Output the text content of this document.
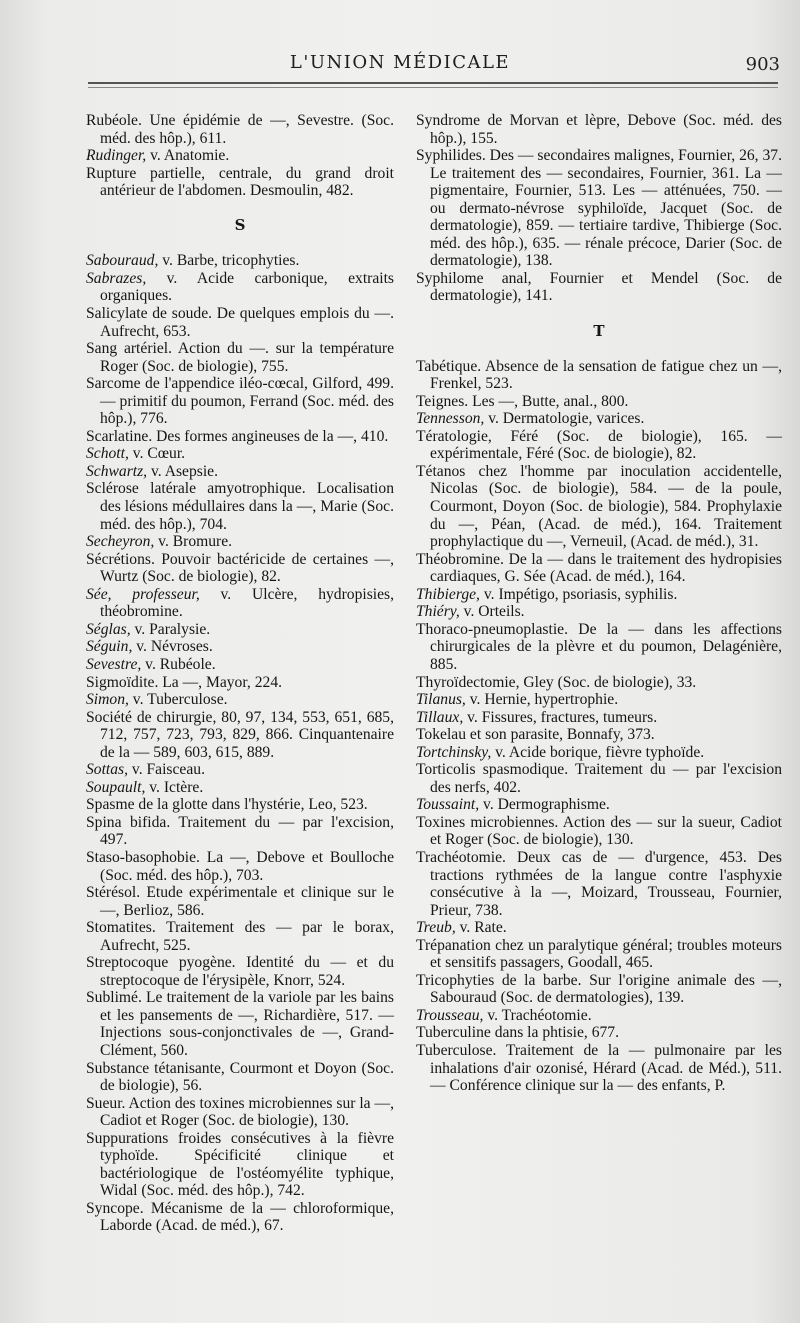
L'UNION MÉDICALE	903

Rubéole. Une épidémie de —, Sevestre. (Soc. méd. des hôp.), 611.

Rudinger, v. Anatomie.

Rupture partielle, centrale, du grand droit antérieur de l'abdomen. Desmoulin, 482.

S

Sabouraud, v. Barbe, tricophyties.

Sabrazes, v. Acide carbonique, extraits organiques.

Salicylate de soude. De quelques emplois du —. Aufrecht, 653.

Sang artériel. Action du —. sur la température Roger (Soc. de biologie), 755.

Sarcome de l'appendice iléo-cœcal, Gilford, 499. — primitif du poumon, Ferrand (Soc. méd. des hôp.), 776.

Scarlatine. Des formes angineuses de la —, 410.

Schott, v. Cœur.

Schwartz, v. Asepsie.

Sclérose latérale amyotrophique. Localisation des lésions médullaires dans la —, Marie (Soc. méd. des hôp.), 704.

Secheyron, v. Bromure.

Sécrétions. Pouvoir bactéricide de certaines —, Wurtz (Soc. de biologie), 82.

Sée, professeur, v. Ulcère, hydropisies, théobromine.

Séglas, v. Paralysie.

Séguin, v. Névroses.

Sevestre, v. Rubéole.

Sigmoïdite. La —, Mayor, 224.

Simon, v. Tuberculose.

Société de chirurgie, 80, 97, 134, 553, 651, 685, 712, 757, 723, 793, 829, 866. Cinquantenaire de la — 589, 603, 615, 889.

Sottas, v. Faisceau.

Soupault, v. Ictère.

Spasme de la glotte dans l'hystérie, Leo, 523.

Spina bifida. Traitement du — par l'excision, 497.

Staso-basophobie. La —, Debove et Boulloche (Soc. méd. des hôp.), 703.

Stérésol. Etude expérimentale et clinique sur le —, Berlioz, 586.

Stomatites. Traitement des — par le borax, Aufrecht, 525.

Streptocoque pyogène. Identité du — et du streptocoque de l'érysipèle, Knorr, 524.

Sublimé. Le traitement de la variole par les bains et les pansements de —, Richardière, 517. — Injections sous-conjonctivales de —, Grand-Clément, 560.

Substance tétanisante, Courmont et Doyon (Soc. de biologie), 56.

Sueur. Action des toxines microbiennes sur la —, Cadiot et Roger (Soc. de biologie), 130.

Suppurations froides consécutives à la fièvre typhoïde. Spécificité clinique et bactériologique de l'ostéomyélite typhique, Widal (Soc. méd. des hôp.), 742.

Syncope. Mécanisme de la — chloroformique, Laborde (Acad. de méd.), 67.

Syndrome de Morvan et lèpre, Debove (Soc. méd. des hôp.), 155.

Syphilides. Des — secondaires malignes, Fournier, 26, 37. Le traitement des — secondaires, Fournier, 361. La — pigmentaire, Fournier, 513. Les — atténuées, 750. — ou dermato-névrose syphiloïde, Jacquet (Soc. de dermatologie), 859. — tertiaire tardive, Thibierge (Soc. méd. des hôp.), 635. — rénale précoce, Darier (Soc. de dermatologie), 138.

Syphilome anal, Fournier et Mendel (Soc. de dermatologie), 141.

T

Tabétique. Absence de la sensation de fatigue chez un —, Frenkel, 523.

Teignes. Les —, Butte, anal., 800.

Tennesson, v. Dermatologie, varices.

Tératologie, Féré (Soc. de biologie), 165. — expérimentale, Féré (Soc. de biologie), 82.

Tétanos chez l'homme par inoculation accidentelle, Nicolas (Soc. de biologie), 584. — de la poule, Courmont, Doyon (Soc. de biologie), 584. Prophylaxie du —, Péan, (Acad. de méd.), 164. Traitement prophylactique du —, Verneuil, (Acad. de méd.), 31.

Théobromine. De la — dans le traitement des hydropisies cardiaques, G. Sée (Acad. de méd.), 164.

Thibierge, v. Impétigo, psoriasis, syphilis.

Thiéry, v. Orteils.

Thoraco-pneumoplastie. De la — dans les affections chirurgicales de la plèvre et du poumon, Delagénière, 885.

Thyroïdectomie, Gley (Soc. de biologie), 33.

Tilanus, v. Hernie, hypertrophie.

Tillaux, v. Fissures, fractures, tumeurs.

Tokelau et son parasite, Bonnafy, 373.

Tortchinsky, v. Acide borique, fièvre typhoïde.

Torticolis spasmodique. Traitement du — par l'excision des nerfs, 402.

Toussaint, v. Dermographisme.

Toxines microbiennes. Action des — sur la sueur, Cadiot et Roger (Soc. de biologie), 130.

Trachéotomie. Deux cas de — d'urgence, 453. Des tractions rythmées de la langue contre l'asphyxie consécutive à la —, Moizard, Trousseau, Fournier, Prieur, 738.

Treub, v. Rate.

Trépanation chez un paralytique général; troubles moteurs et sensitifs passagers, Goodall, 465.

Tricophyties de la barbe. Sur l'origine animale des —, Sabouraud (Soc. de dermatologies), 139.

Trousseau, v. Trachéotomie.

Tuberculine dans la phtisie, 677.

Tuberculose. Traitement de la — pulmonaire par les inhalations d'air ozonisé, Hérard (Acad. de Méd.), 511. — Conférence clinique sur la — des enfants, P.
